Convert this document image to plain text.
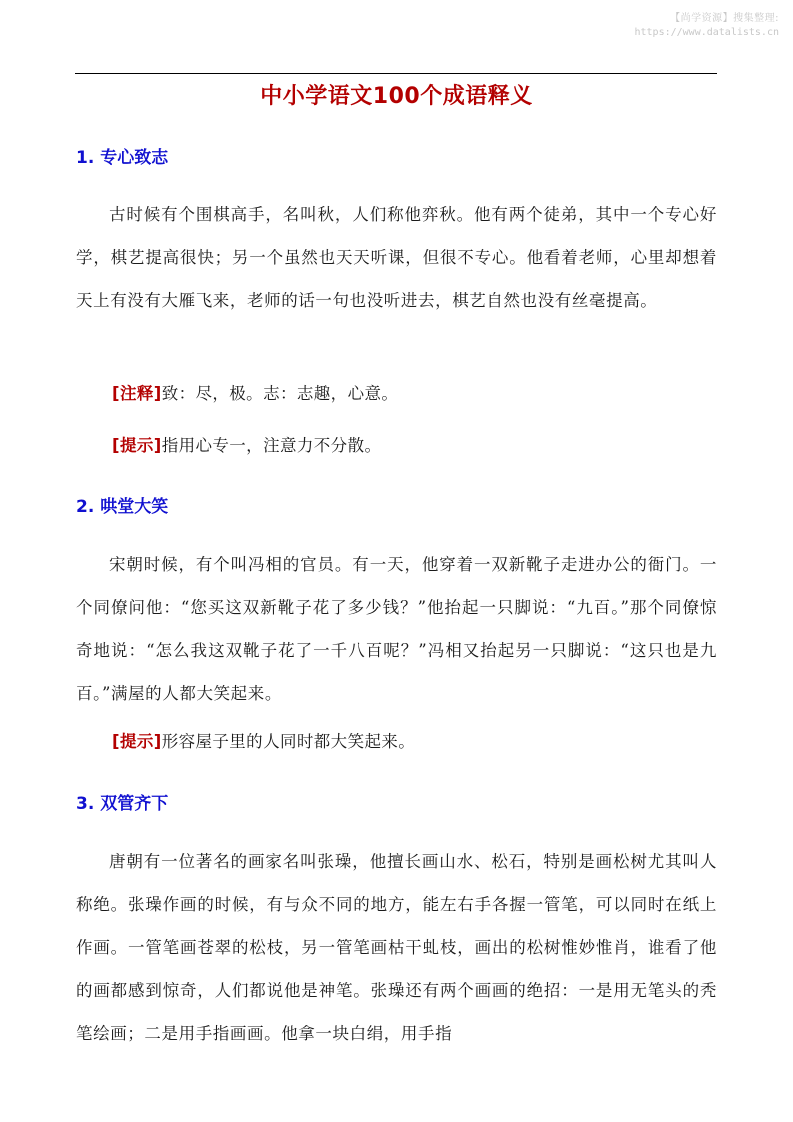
【尚学资源】搜集整理:
https://www.datalists.cn
中小学语文100个成语释义
1. 专心致志

古时候有个围棋高手，名叫秋，人们称他弈秋。他有两个徒弟，其中一个专心好学，棋艺提高很快；另一个虽然也天天听课，但很不专心。他看着老师，心里却想着天上有没有大雁飞来，老师的话一句也没听进去，棋艺自然也没有丝毫提高。

[注释]致：尽，极。志：志趣，心意。
[提示]指用心专一，注意力不分散。
2. 哄堂大笑

宋朝时候，有个叫冯相的官员。有一天，他穿着一双新靴子走进办公的衙门。一个同僚问他：“您买这双新靴子花了多少钱？”他抬起一只脚说：“九百。”那个同僚惊奇地说：“怎么我这双靴子花了一千八百呢？”冯相又抬起另一只脚说：“这只也是九百。”满屋的人都大笑起来。

[提示]形容屋子里的人同时都大笑起来。
3. 双管齐下

唐朝有一位著名的画家名叫张璪，他擅长画山水、松石，特别是画松树尤其叫人称绝。张璪作画的时候，有与众不同的地方，能左右手各握一管笔，可以同时在纸上作画。一管笔画苍翠的松枝，另一管笔画枯干虬枝，画出的松树惟妙惟肖，谁看了他的画都感到惊奇，人们都说他是神笔。张璪还有两个画画的绝招：一是用无笔头的秃笔绘画；二是用手指画画。他拿一块白绢，用手指
